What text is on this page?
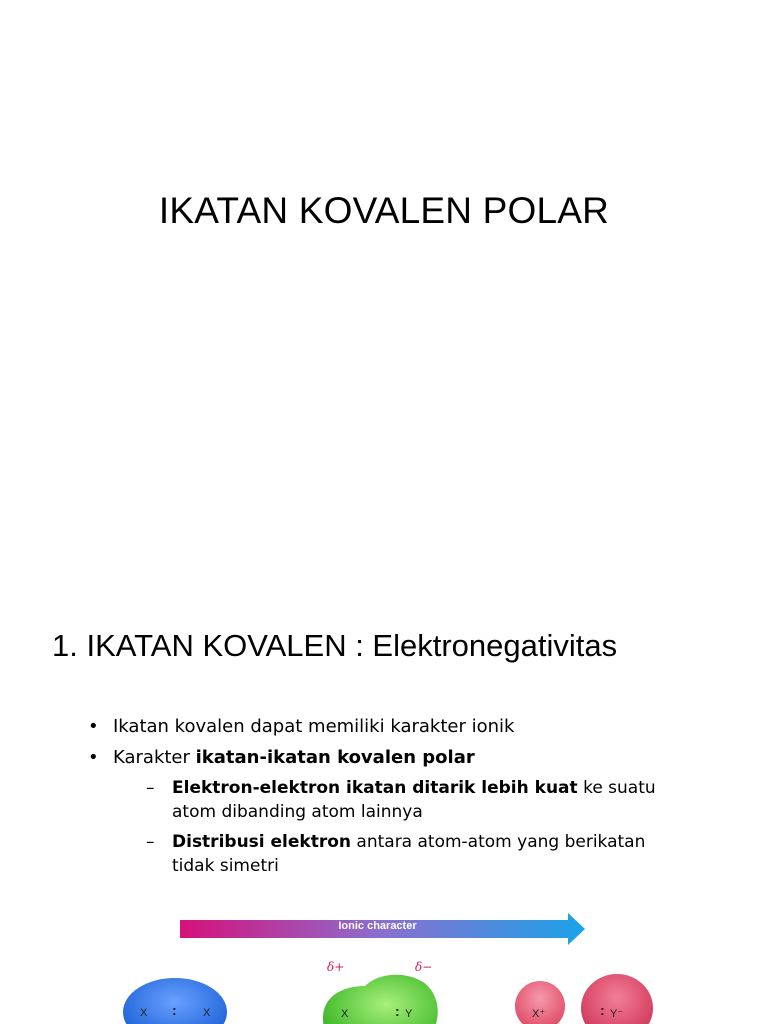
IKATAN KOVALEN POLAR
1. IKATAN KOVALEN : Elektronegativitas
• Ikatan kovalen dapat memiliki karakter ionik
• Karakter ikatan-ikatan kovalen polar
– Elektron-elektron ikatan ditarik lebih kuat ke suatu atom dibanding atom lainnya
– Distribusi elektron antara atom-atom yang berikatan tidak simetri
Ionic character
X : X
δ+	δ−
X	: Y	X⁺	: Y⁻
